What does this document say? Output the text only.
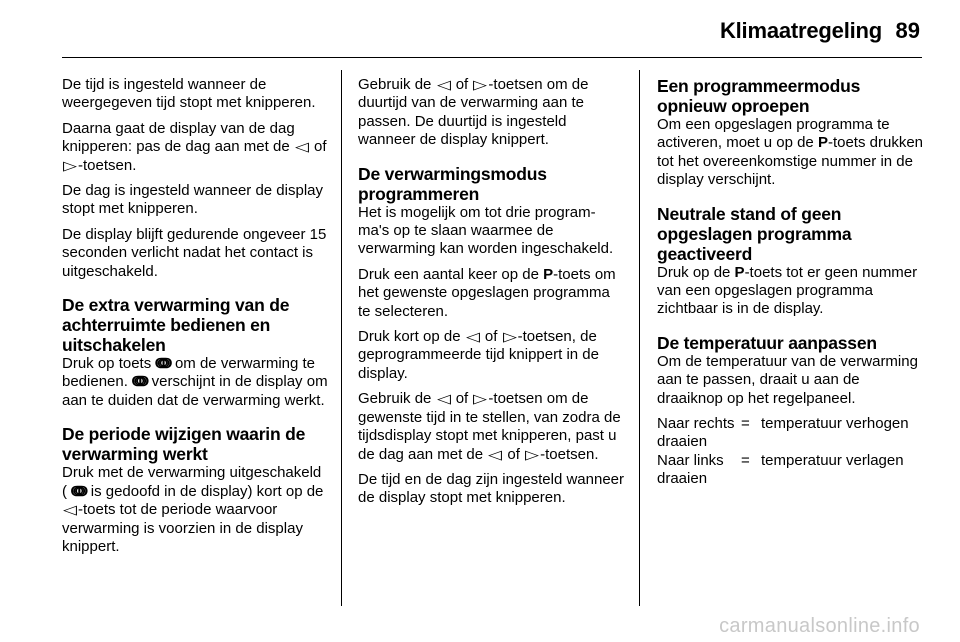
Klimaatregeling 89

De tijd is ingesteld wanneer de weergegeven tijd stopt met knipperen.

Daarna gaat de display van de dag knipperen: pas de dag aan met de ◁ of ▷-toetsen.

De dag is ingesteld wanneer de display stopt met knipperen.

De display blijft gedurende ongeveer 15 seconden verlicht nadat het contact is uitgeschakeld.

De extra verwarming van de achterruimte bedienen en uitschakelen

Druk op toets ↈ om de verwarming te bedienen. ↈ verschijnt in de display om aan te duiden dat de verwarming werkt.

De periode wijzigen waarin de verwarming werkt

Druk met de verwarming uitgeschakeld ( ↈ is gedoofd in de display) kort op de ◁-toets tot de periode waarvoor verwarming is voorzien in de display knippert.

Gebruik de ◁ of ▷-toetsen om de duurtijd van de verwarming aan te passen. De duurtijd is ingesteld wanneer de display knippert.

De verwarmingsmodus programmeren

Het is mogelijk om tot drie program-ma's op te slaan waarmee de verwarming kan worden ingeschakeld.

Druk een aantal keer op de P-toets om het gewenste opgeslagen programma te selecteren.

Druk kort op de ◁ of ▷-toetsen, de geprogrammeerde tijd knippert in de display.

Gebruik de ◁ of ▷-toetsen om de gewenste tijd in te stellen, van zodra de tijdsdisplay stopt met knipperen, past u de dag aan met de ◁ of ▷-toetsen.

De tijd en de dag zijn ingesteld wanneer de display stopt met knipperen.

Een programmeermodus opnieuw oproepen

Om een opgeslagen programma te activeren, moet u op de P-toets drukken tot het overeenkomstige nummer in de display verschijnt.

Neutrale stand of geen opgeslagen programma geactiveerd

Druk op de P-toets tot er geen nummer van een opgeslagen programma zichtbaar is in de display.

De temperatuur aanpassen

Om de temperatuur van de verwarming aan te passen, draait u aan de draaiknop op het regelpaneel.

Naar rechts draaien	=	temperatuur verhogen
Naar links draaien	=	temperatuur verlagen
carmanualsonline.info
